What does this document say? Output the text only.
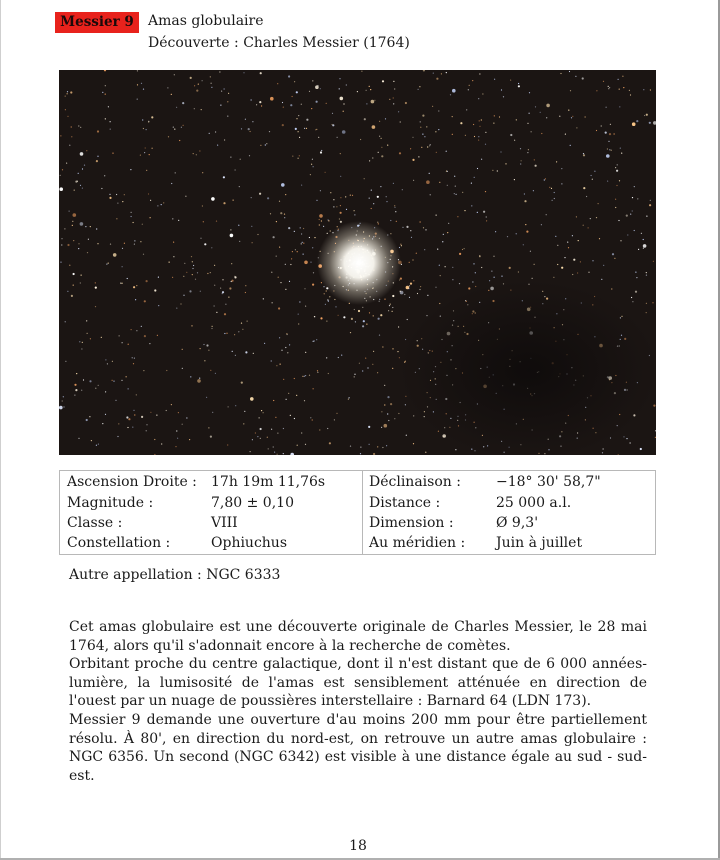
Messier 9	Amas globulaire
Découverte : Charles Messier (1764)
Ascension Droite : 17h 19m 11,76s	Déclinaison :	−18° 30' 58,7"
Magnitude :	7,80 ± 0,10	Distance :	25 000 a.l.
Classe :	VIII	Dimension :	Ø 9,3'
Constellation :	Ophiuchus	Au méridien : Juin à juillet
Autre appellation : NGC 6333

Cet amas globulaire est une découverte originale de Charles Messier, le 28 mai 1764, alors qu'il s'adonnait encore à la recherche de comètes.

Orbitant proche du centre galactique, dont il n'est distant que de 6 000 années-lumière, la lumisosité de l'amas est sensiblement atténuée en direction de l'ouest par un nuage de poussières interstellaire : Barnard 64 (LDN 173).

Messier 9 demande une ouverture d'au moins 200 mm pour être partiellement résolu. À 80', en direction du nord-est, on retrouve un autre amas globulaire : NGC 6356. Un second (NGC 6342) est visible à une distance égale au sud - sud-est.

18
